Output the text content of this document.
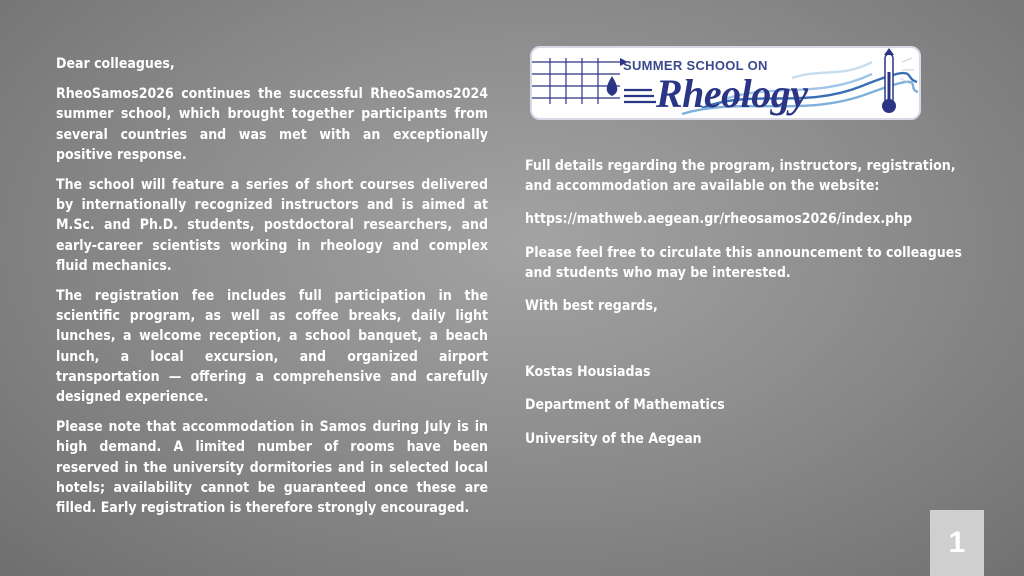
Dear colleagues,

RheoSamos2026 continues the successful RheoSamos2024 summer school, which brought together participants from several countries and was met with an exceptionally positive response.

The school will feature a series of short courses delivered by internationally recognized instructors and is aimed at M.Sc. and Ph.D. students, postdoctoral researchers, and early-career scientists working in rheology and complex fluid mechanics.

The registration fee includes full participation in the scientific program, as well as coffee breaks, daily light lunches, a welcome reception, a school banquet, a beach lunch, a local excursion, and organized airport transportation — offering a comprehensive and carefully designed experience.

Please note that accommodation in Samos during July is in high demand. A limited number of rooms have been reserved in the university dormitories and in selected local hotels; availability cannot be guaranteed once these are filled. Early registration is therefore strongly encouraged.

SUMMER SCHOOL ON
Rheology

Full details regarding the program, instructors, registration, and accommodation are available on the website:

https://mathweb.aegean.gr/rheosamos2026/index.php

Please feel free to circulate this announcement to colleagues and students who may be interested.

With best regards,

Kostas Housiadas

Department of Mathematics

University of the Aegean

1
